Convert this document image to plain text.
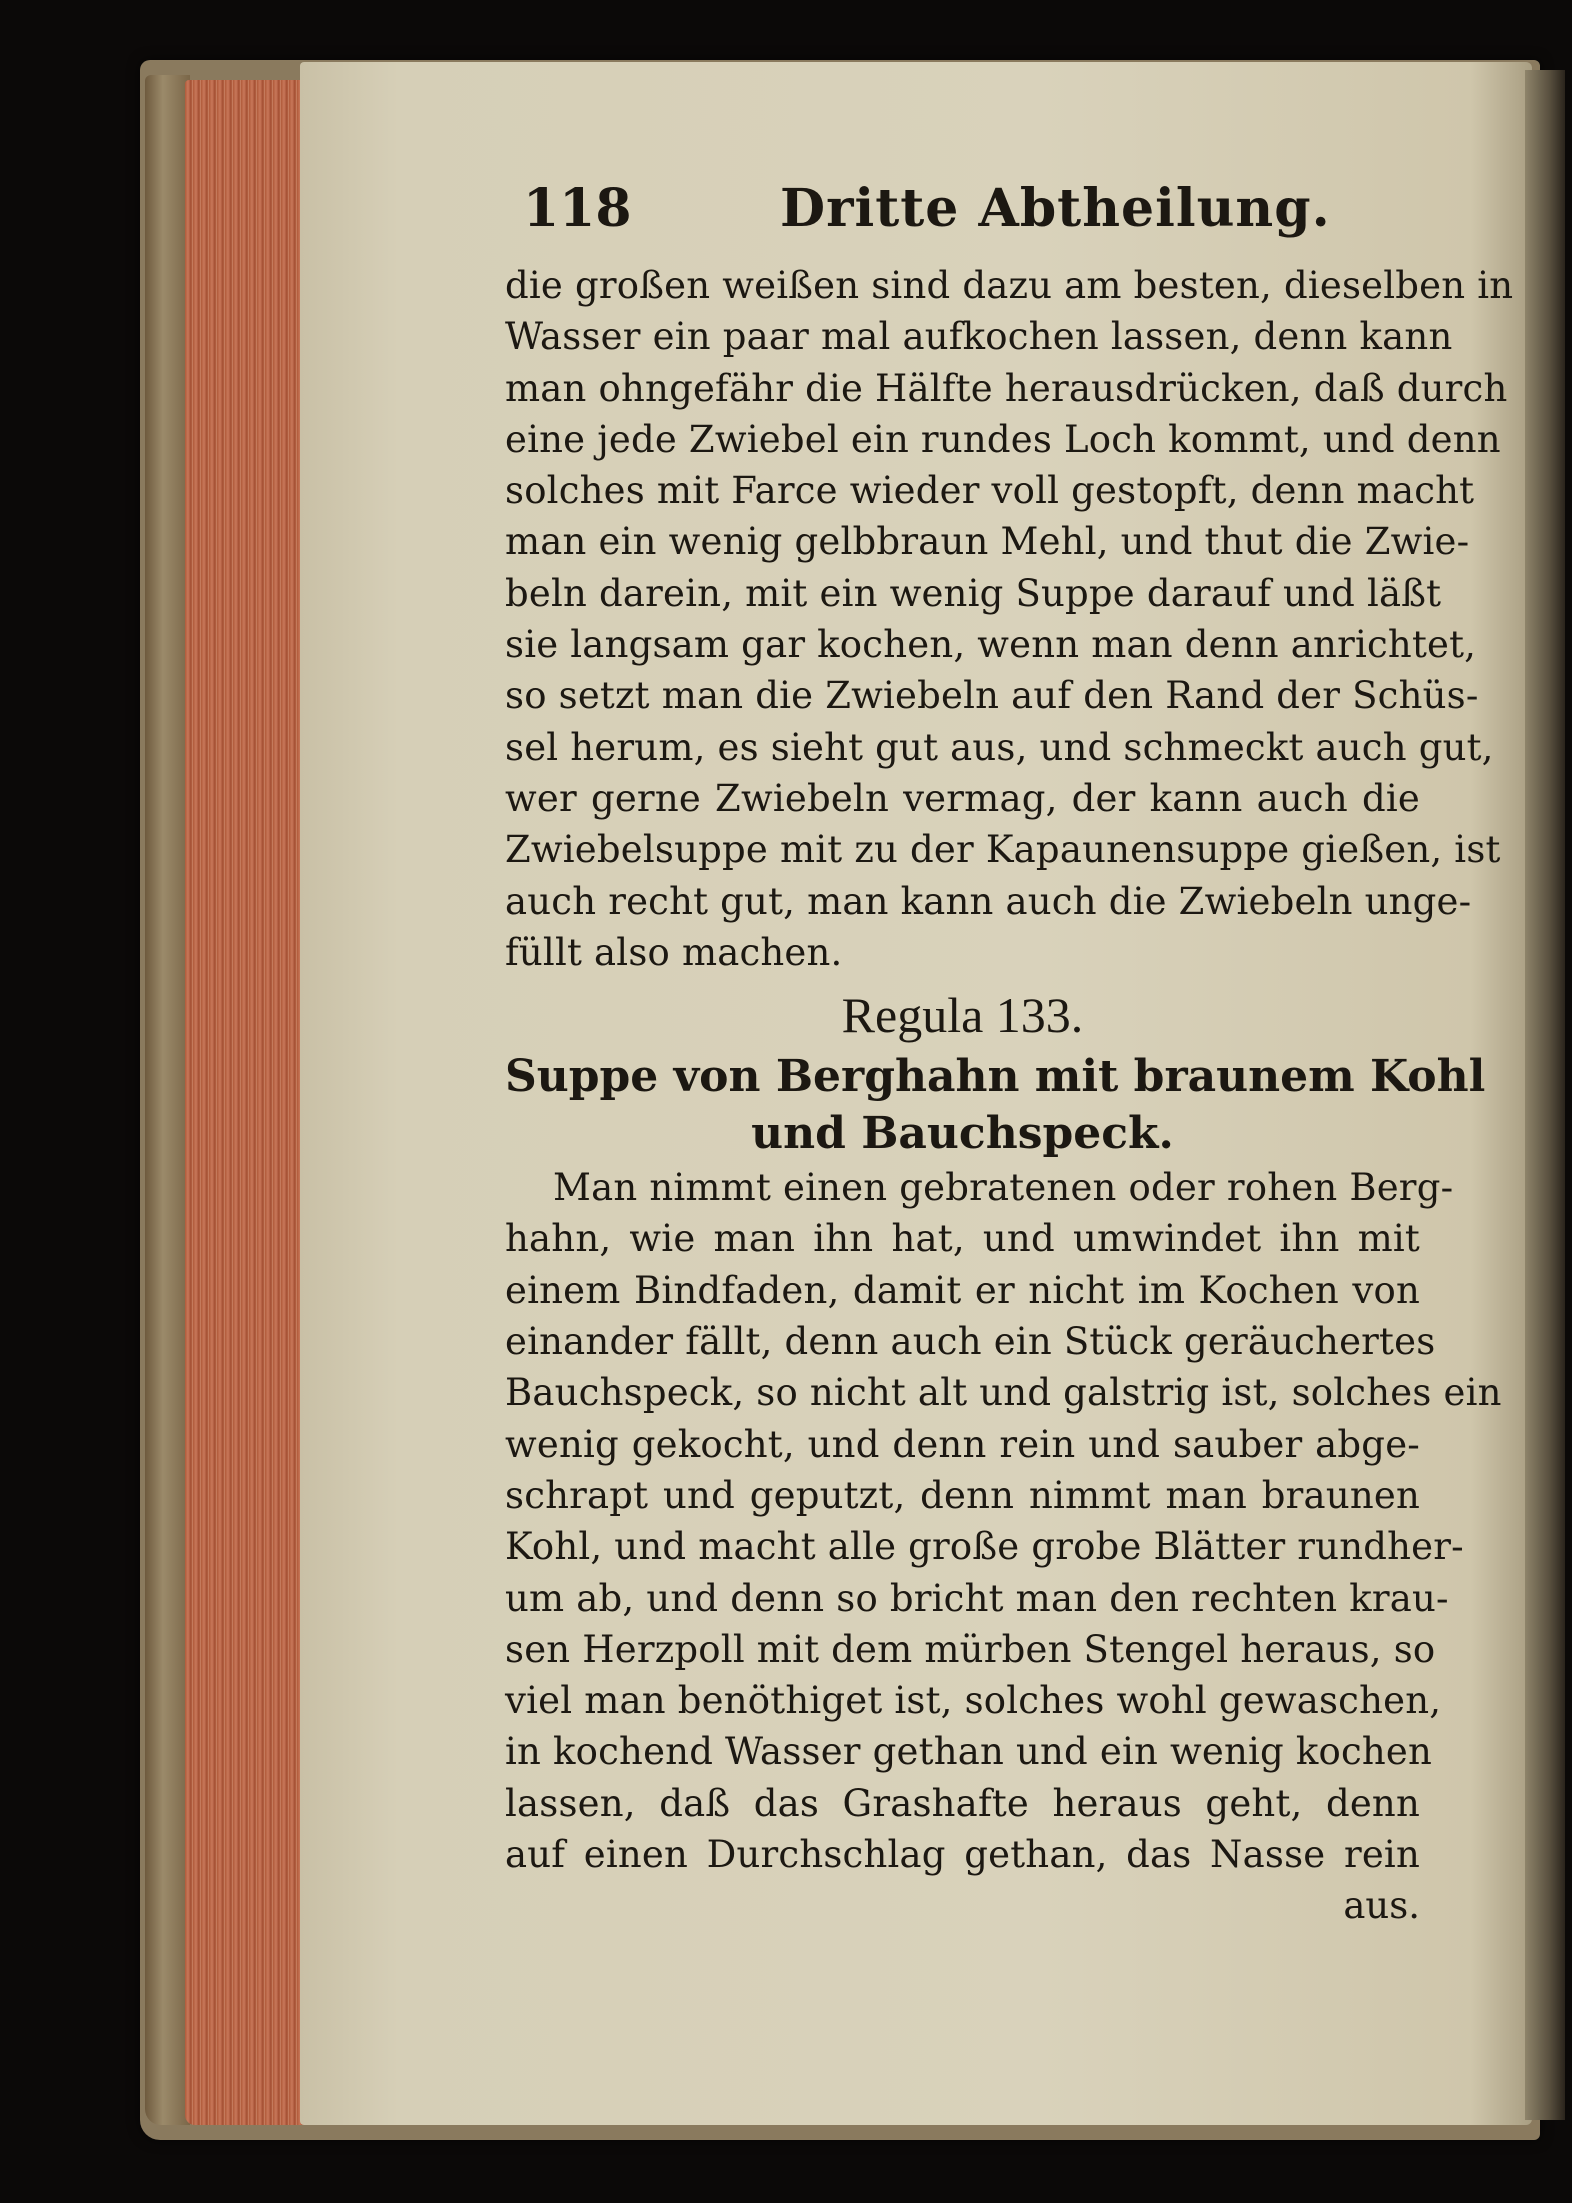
118	Dritte Abtheilung.
die großen weißen sind dazu am besten, dieselben in
Wasser ein paar mal aufkochen lassen, denn kann
man ohngefähr die Hälfte herausdrücken, daß durch
eine jede Zwiebel ein rundes Loch kommt, und denn
solches mit Farce wieder voll gestopft, denn macht
man ein wenig gelbbraun Mehl, und thut die Zwie-
beln darein, mit ein wenig Suppe darauf und läßt
sie langsam gar kochen, wenn man denn anrichtet,
so setzt man die Zwiebeln auf den Rand der Schüs-
sel herum, es sieht gut aus, und schmeckt auch gut,
wer gerne Zwiebeln vermag, der kann auch die
Zwiebelsuppe mit zu der Kapaunensuppe gießen, ist
auch recht gut, man kann auch die Zwiebeln unge-
füllt also machen.
Regula 133.
Suppe von Berghahn mit braunem Kohl
und Bauchspeck.
Man nimmt einen gebratenen oder rohen Berg-
hahn, wie man ihn hat, und umwindet ihn mit
einem Bindfaden, damit er nicht im Kochen von
einander fällt, denn auch ein Stück geräuchertes
Bauchspeck, so nicht alt und galstrig ist, solches ein
wenig gekocht, und denn rein und sauber abge-
schrapt und geputzt, denn nimmt man braunen
Kohl, und macht alle große grobe Blätter rundher-
um ab, und denn so bricht man den rechten krau-
sen Herzpoll mit dem mürben Stengel heraus, so
viel man benöthiget ist, solches wohl gewaschen,
in kochend Wasser gethan und ein wenig kochen
lassen, daß das Grashafte heraus geht, denn
auf einen Durchschlag gethan, das Nasse rein
aus.
